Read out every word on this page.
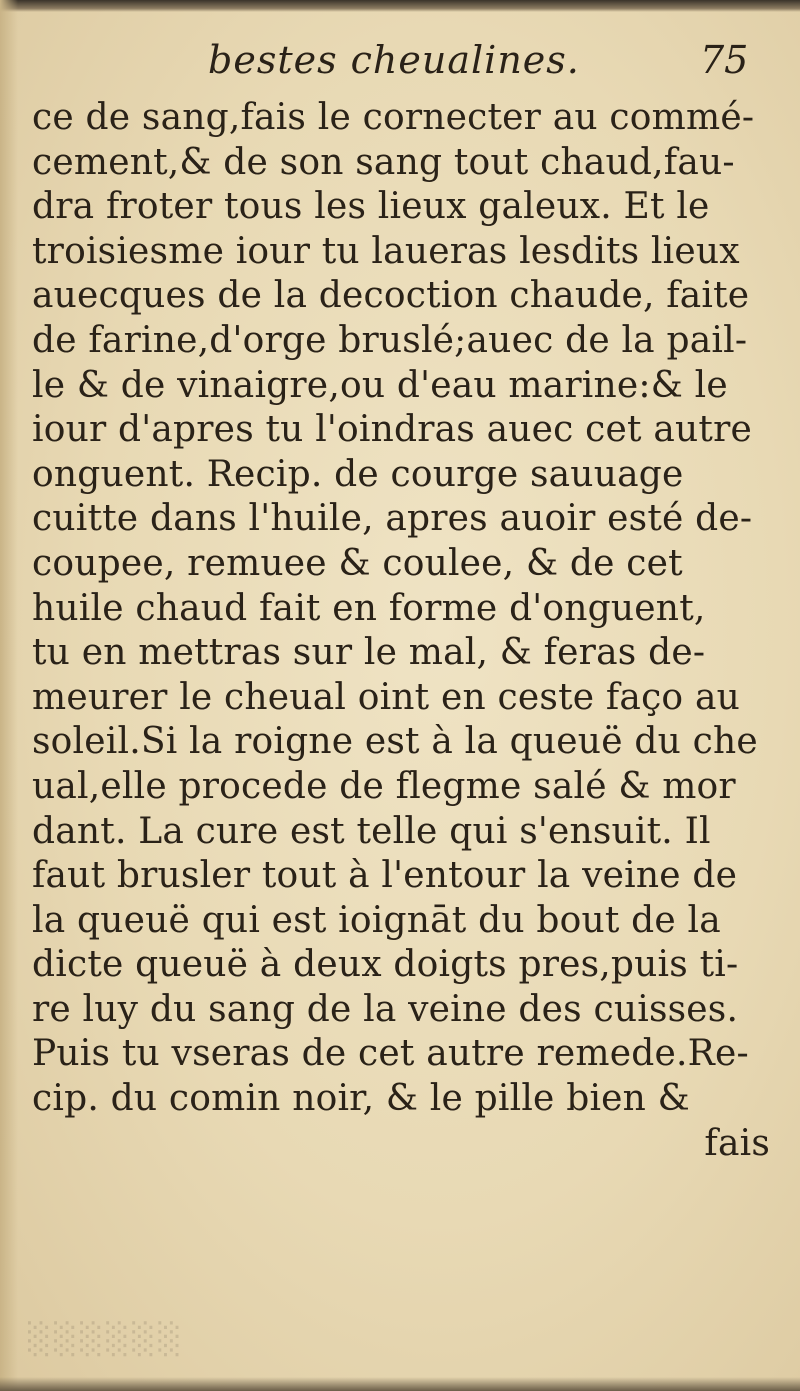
bestes cheualines.	75
ce de sang,fais le cornecter au commé-
cement,& de son sang tout chaud,fau-
dra froter tous les lieux galeux. Et le
troisiesme iour tu laueras lesdits lieux
auecques de la decoction chaude, faite
de farine,d'orge bruslé;auec de la pail-
le & de vinaigre,ou d'eau marine:& le
iour d'apres tu l'oindras auec cet autre
onguent. Recip. de courge sauuage
cuitte dans l'huile, apres auoir esté de-
coupee, remuee & coulee, & de cet
huile chaud fait en forme d'onguent,
tu en mettras sur le mal, & feras de-
meurer le cheual oint en ceste faço au
soleil.Si la roigne est à la queuë du che
ual,elle procede de flegme salé & mor
dant. La cure est telle qui s'ensuit. Il
faut brusler tout à l'entour la veine de
la queuë qui est ioignāt du bout de la
dicte queuë à deux doigts pres,puis ti-
re luy du sang de la veine des cuisses.
Puis tu vseras de cet autre remede.Re-
cip. du comin noir, & le pille bien &
fais
░░░░░░
